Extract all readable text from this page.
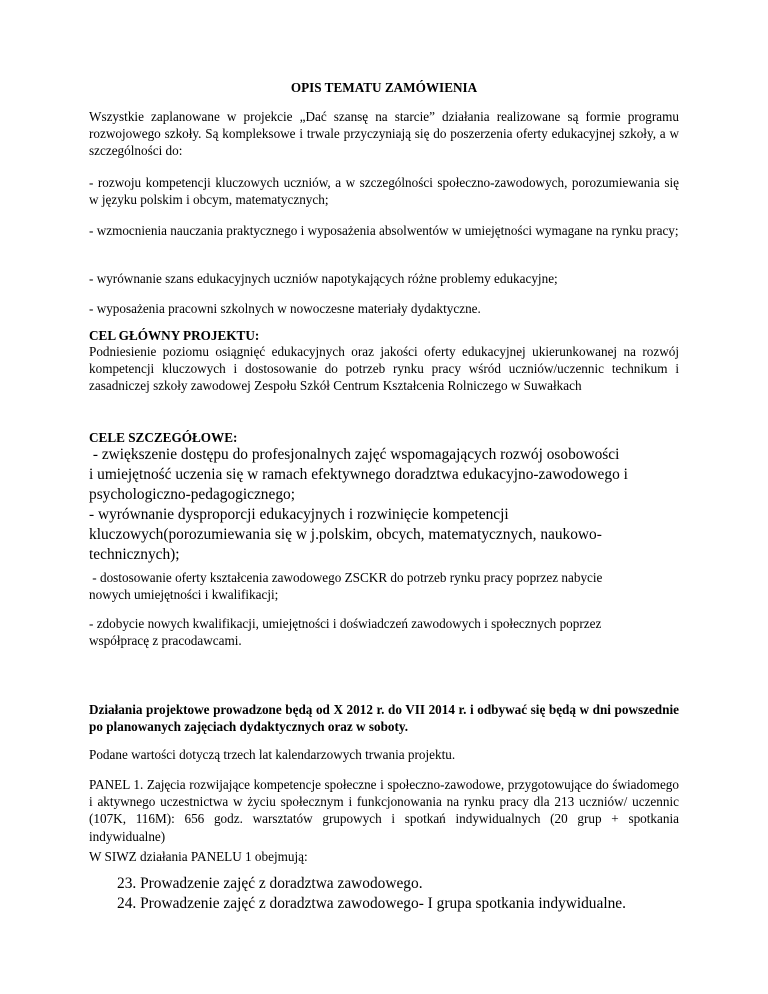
OPIS TEMATU ZAMÓWIENIA

Wszystkie zaplanowane w projekcie „Dać szansę na starcie” działania realizowane są formie programu rozwojowego szkoły. Są kompleksowe i trwale przyczyniają się do poszerzenia oferty edukacyjnej szkoły, a w szczególności do:

- rozwoju kompetencji kluczowych uczniów, a w szczególności społeczno-zawodowych, porozumiewania się w języku polskim i obcym, matematycznych;

- wzmocnienia nauczania praktycznego i wyposażenia absolwentów w umiejętności wymagane na rynku pracy;

- wyrównanie szans edukacyjnych uczniów napotykających różne problemy edukacyjne;

- wyposażenia pracowni szkolnych w nowoczesne materiały dydaktyczne.

CEL GŁÓWNY PROJEKTU:

Podniesienie poziomu osiągnięć edukacyjnych oraz jakości oferty edukacyjnej ukierunkowanej na rozwój kompetencji kluczowych i dostosowanie do potrzeb rynku pracy wśród uczniów/uczennic technikum i zasadniczej szkoły zawodowej Zespołu Szkół Centrum Kształcenia Rolniczego w Suwałkach

CELE SZCZEGÓŁOWE:

- zwiększenie dostępu do profesjonalnych zajęć wspomagających rozwój osobowości
i umiejętność uczenia się w ramach efektywnego doradztwa edukacyjno-zawodowego i
psychologiczno-pedagogicznego;
- wyrównanie dysproporcji edukacyjnych i rozwinięcie kompetencji
kluczowych(porozumiewania się w j.polskim, obcych, matematycznych, naukowo-
technicznych);
- dostosowanie oferty kształcenia zawodowego ZSCKR do potrzeb rynku pracy poprzez nabycie
nowych umiejętności i kwalifikacji;
- zdobycie nowych kwalifikacji, umiejętności i doświadczeń zawodowych i społecznych poprzez
współpracę z pracodawcami.

Działania projektowe prowadzone będą od X 2012 r. do VII 2014 r. i odbywać się będą w dni powszednie po planowanych zajęciach dydaktycznych oraz w soboty.

Podane wartości dotyczą trzech lat kalendarzowych trwania projektu.

PANEL 1. Zajęcia rozwijające kompetencje społeczne i społeczno-zawodowe, przygotowujące do świadomego i aktywnego uczestnictwa w życiu społecznym i funkcjonowania na rynku pracy dla 213 uczniów/ uczennic (107K, 116M): 656 godz. warsztatów grupowych i spotkań indywidualnych (20 grup + spotkania indywidualne)

W SIWZ działania PANELU 1 obejmują:

23. Prowadzenie zajęć z doradztwa zawodowego.
24. Prowadzenie zajęć z doradztwa zawodowego- I grupa spotkania indywidualne.
